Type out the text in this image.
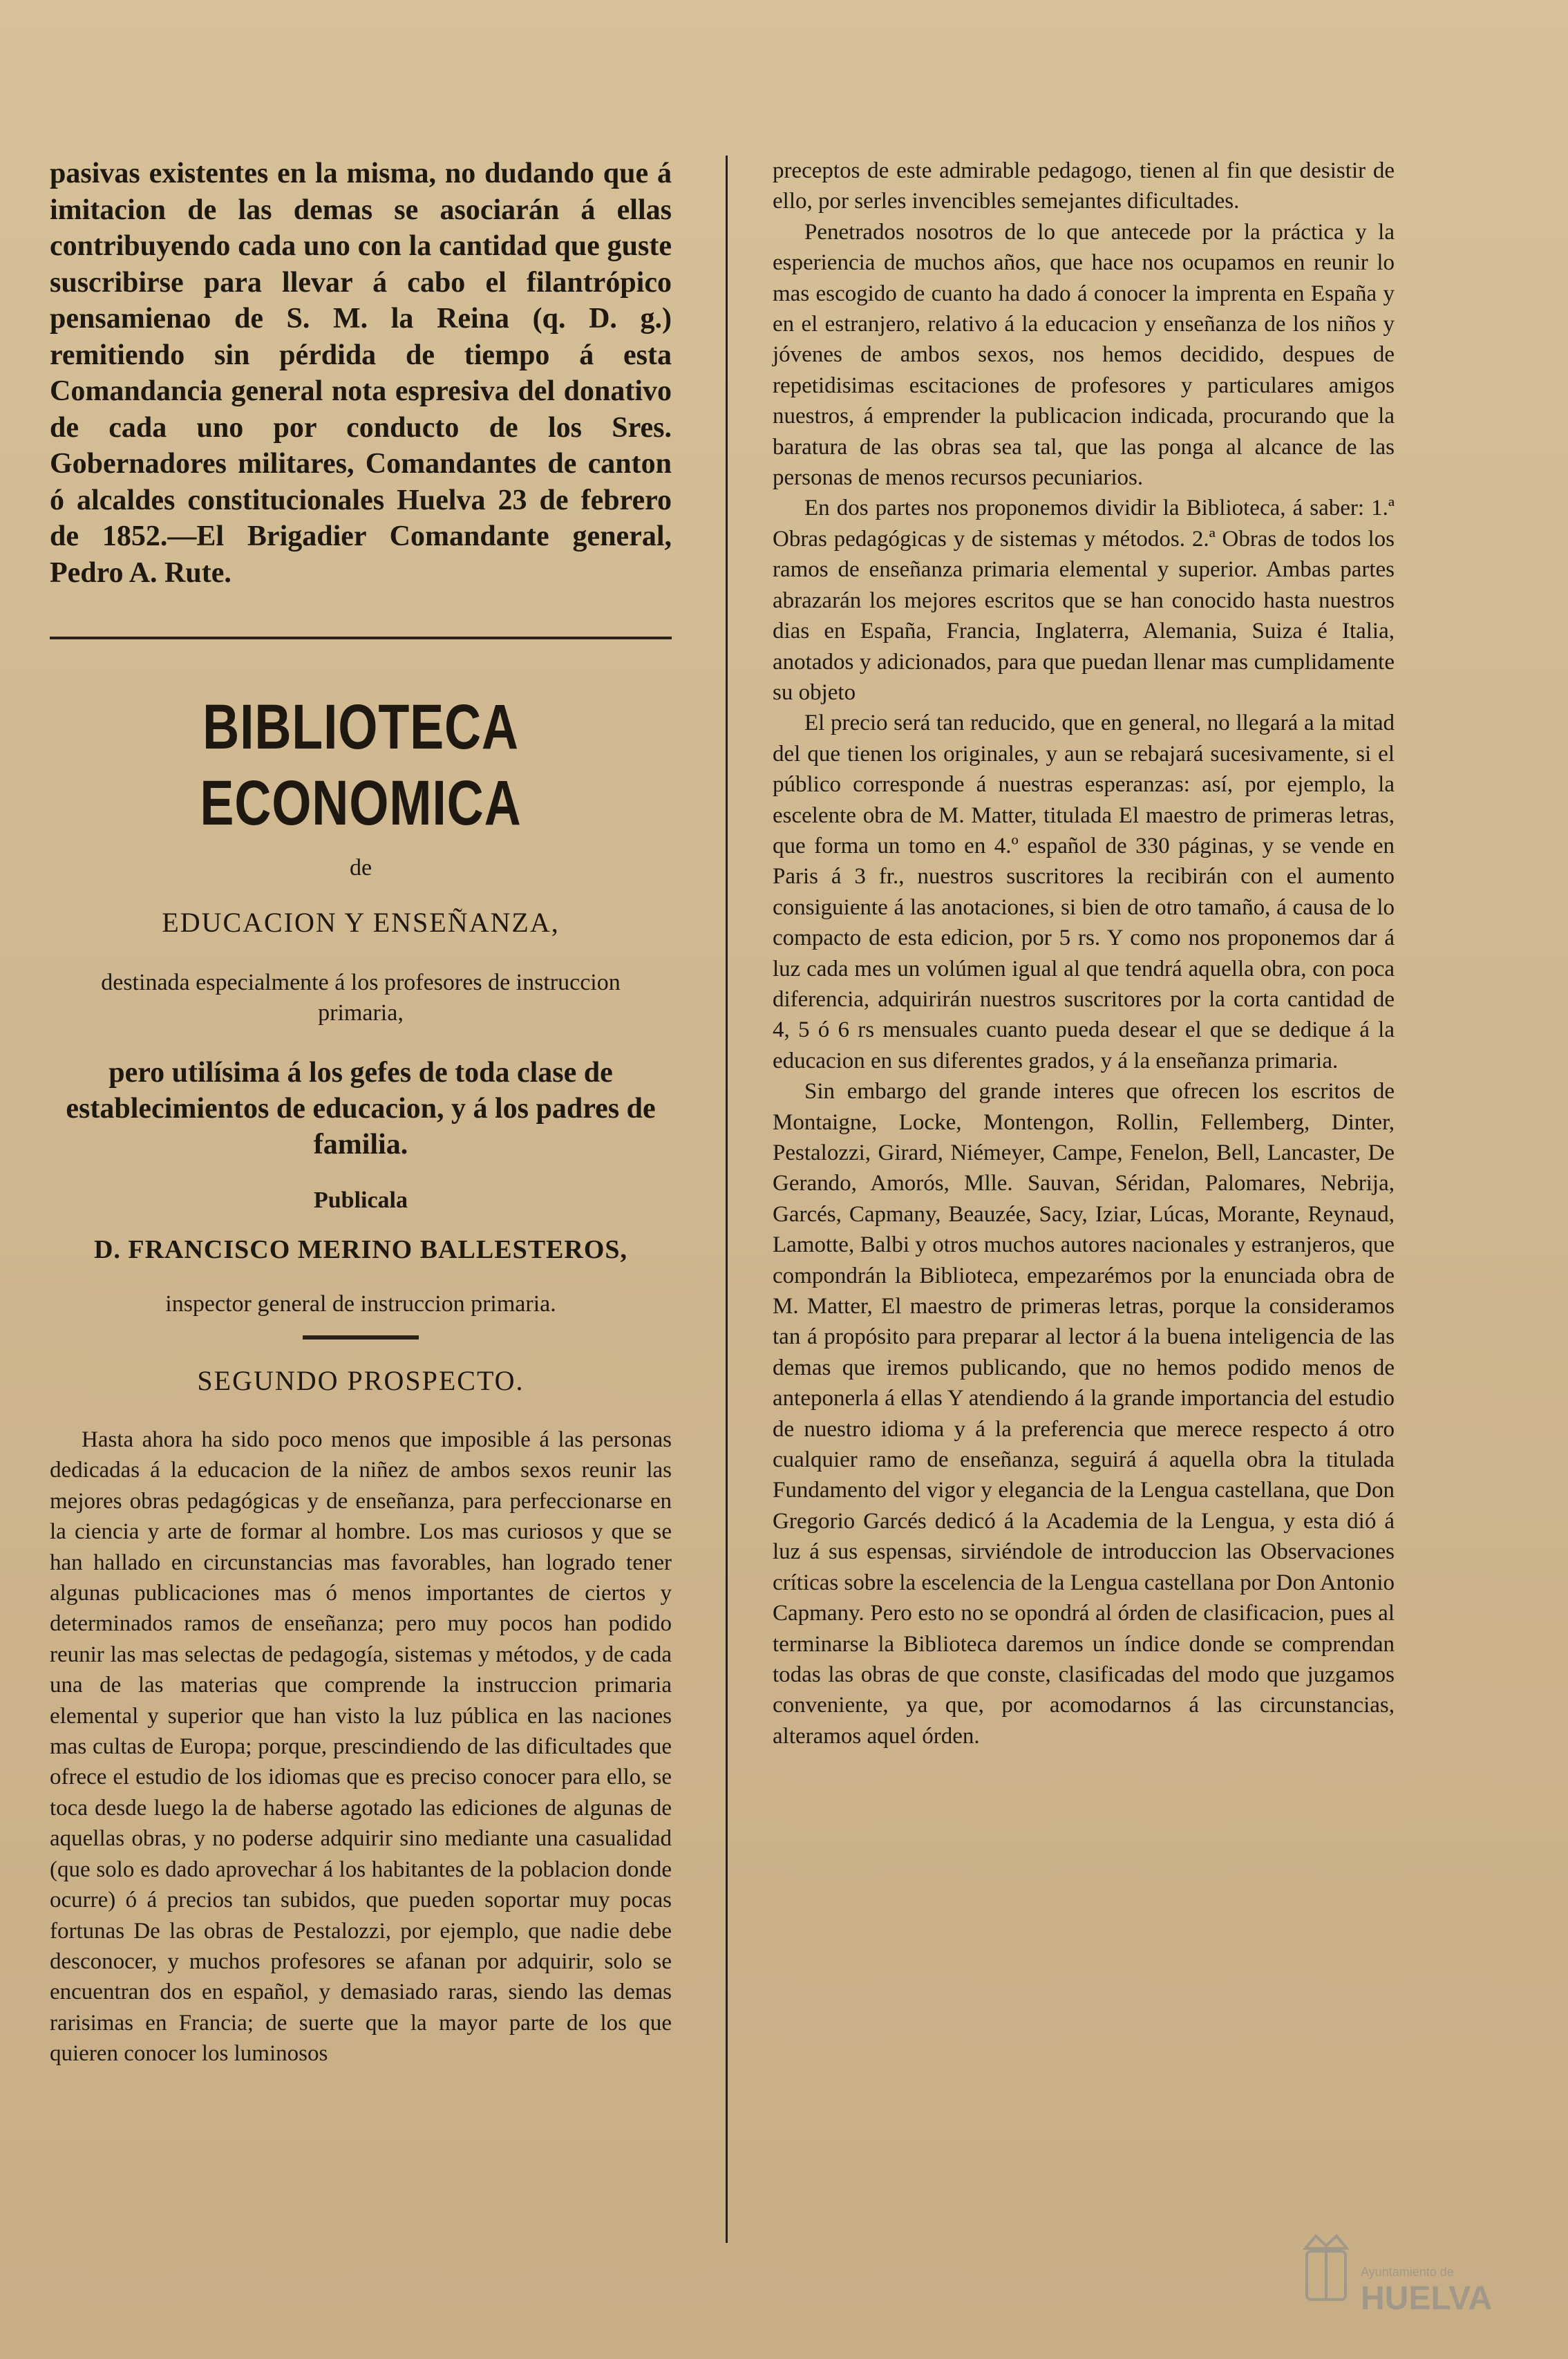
pasivas existentes en la misma, no dudando que á imitacion de las demas se asociarán á ellas contribuyendo cada uno con la cantidad que guste suscribirse para llevar á cabo el filantrópico pensamienao de S. M. la Reina (q. D. g.) remitiendo sin pérdida de tiempo á esta Comandancia general nota espresiva del donativo de cada uno por conducto de los Sres. Gobernadores militares, Comandantes de canton ó alcaldes constitucionales Huelva 23 de febrero de 1852.—El Brigadier Comandante general, Pedro A. Rute.

BIBLIOTECA ECONOMICA

de

EDUCACION Y ENSEÑANZA,

destinada especialmente á los profesores de instruccion primaria,

pero utilísima á los gefes de toda clase de establecimientos de educacion, y á los padres de familia.

Publicala

D. FRANCISCO MERINO BALLESTEROS,

inspector general de instruccion primaria.

SEGUNDO PROSPECTO.

Hasta ahora ha sido poco menos que imposible á las personas dedicadas á la educacion de la niñez de ambos sexos reunir las mejores obras pedagógicas y de enseñanza, para perfeccionarse en la ciencia y arte de formar al hombre. Los mas curiosos y que se han hallado en circunstancias mas favorables, han logrado tener algunas publicaciones mas ó menos importantes de ciertos y determinados ramos de enseñanza; pero muy pocos han podido reunir las mas selectas de pedagogía, sistemas y métodos, y de cada una de las materias que comprende la instruccion primaria elemental y superior que han visto la luz pública en las naciones mas cultas de Europa; porque, prescindiendo de las dificultades que ofrece el estudio de los idiomas que es preciso conocer para ello, se toca desde luego la de haberse agotado las ediciones de algunas de aquellas obras, y no poderse adquirir sino mediante una casualidad (que solo es dado aprovechar á los habitantes de la poblacion donde ocurre) ó á precios tan subidos, que pueden soportar muy pocas fortunas De las obras de Pestalozzi, por ejemplo, que nadie debe desconocer, y muchos profesores se afanan por adquirir, solo se encuentran dos en español, y demasiado raras, siendo las demas rarisimas en Francia; de suerte que la mayor parte de los que quieren conocer los luminosos

preceptos de este admirable pedagogo, tienen al fin que desistir de ello, por serles invencibles semejantes dificultades.

Penetrados nosotros de lo que antecede por la práctica y la esperiencia de muchos años, que hace nos ocupamos en reunir lo mas escogido de cuanto ha dado á conocer la imprenta en España y en el estranjero, relativo á la educacion y enseñanza de los niños y jóvenes de ambos sexos, nos hemos decidido, despues de repetidisimas escitaciones de profesores y particulares amigos nuestros, á emprender la publicacion indicada, procurando que la baratura de las obras sea tal, que las ponga al alcance de las personas de menos recursos pecuniarios.

En dos partes nos proponemos dividir la Biblioteca, á saber: 1.ª Obras pedagógicas y de sistemas y métodos. 2.ª Obras de todos los ramos de enseñanza primaria elemental y superior. Ambas partes abrazarán los mejores escritos que se han conocido hasta nuestros dias en España, Francia, Inglaterra, Alemania, Suiza é Italia, anotados y adicionados, para que puedan llenar mas cumplidamente su objeto

El precio será tan reducido, que en general, no llegará a la mitad del que tienen los originales, y aun se rebajará sucesivamente, si el público corresponde á nuestras esperanzas: así, por ejemplo, la escelente obra de M. Matter, titulada El maestro de primeras letras, que forma un tomo en 4.º español de 330 páginas, y se vende en Paris á 3 fr., nuestros suscritores la recibirán con el aumento consiguiente á las anotaciones, si bien de otro tamaño, á causa de lo compacto de esta edicion, por 5 rs. Y como nos proponemos dar á luz cada mes un volúmen igual al que tendrá aquella obra, con poca diferencia, adquirirán nuestros suscritores por la corta cantidad de 4, 5 ó 6 rs mensuales cuanto pueda desear el que se dedique á la educacion en sus diferentes grados, y á la enseñanza primaria.

Sin embargo del grande interes que ofrecen los escritos de Montaigne, Locke, Montengon, Rollin, Fellemberg, Dinter, Pestalozzi, Girard, Niémeyer, Campe, Fenelon, Bell, Lancaster, De Gerando, Amorós, Mlle. Sauvan, Séridan, Palomares, Nebrija, Garcés, Capmany, Beauzée, Sacy, Iziar, Lúcas, Morante, Reynaud, Lamotte, Balbi y otros muchos autores nacionales y estranjeros, que compondrán la Biblioteca, empezarémos por la enunciada obra de M. Matter, El maestro de primeras letras, porque la consideramos tan á propósito para preparar al lector á la buena inteligencia de las demas que iremos publicando, que no hemos podido menos de anteponerla á ellas Y atendiendo á la grande importancia del estudio de nuestro idioma y á la preferencia que merece respecto á otro cualquier ramo de enseñanza, seguirá á aquella obra la titulada Fundamento del vigor y elegancia de la Lengua castellana, que Don Gregorio Garcés dedicó á la Academia de la Lengua, y esta dió á luz á sus espensas, sirviéndole de introduccion las Observaciones críticas sobre la escelencia de la Lengua castellana por Don Antonio Capmany. Pero esto no se opondrá al órden de clasificacion, pues al terminarse la Biblioteca daremos un índice donde se comprendan todas las obras de que conste, clasificadas del modo que juzgamos conveniente, ya que, por acomodarnos á las circunstancias, alteramos aquel órden.

Ayuntamiento de
HUELVA
